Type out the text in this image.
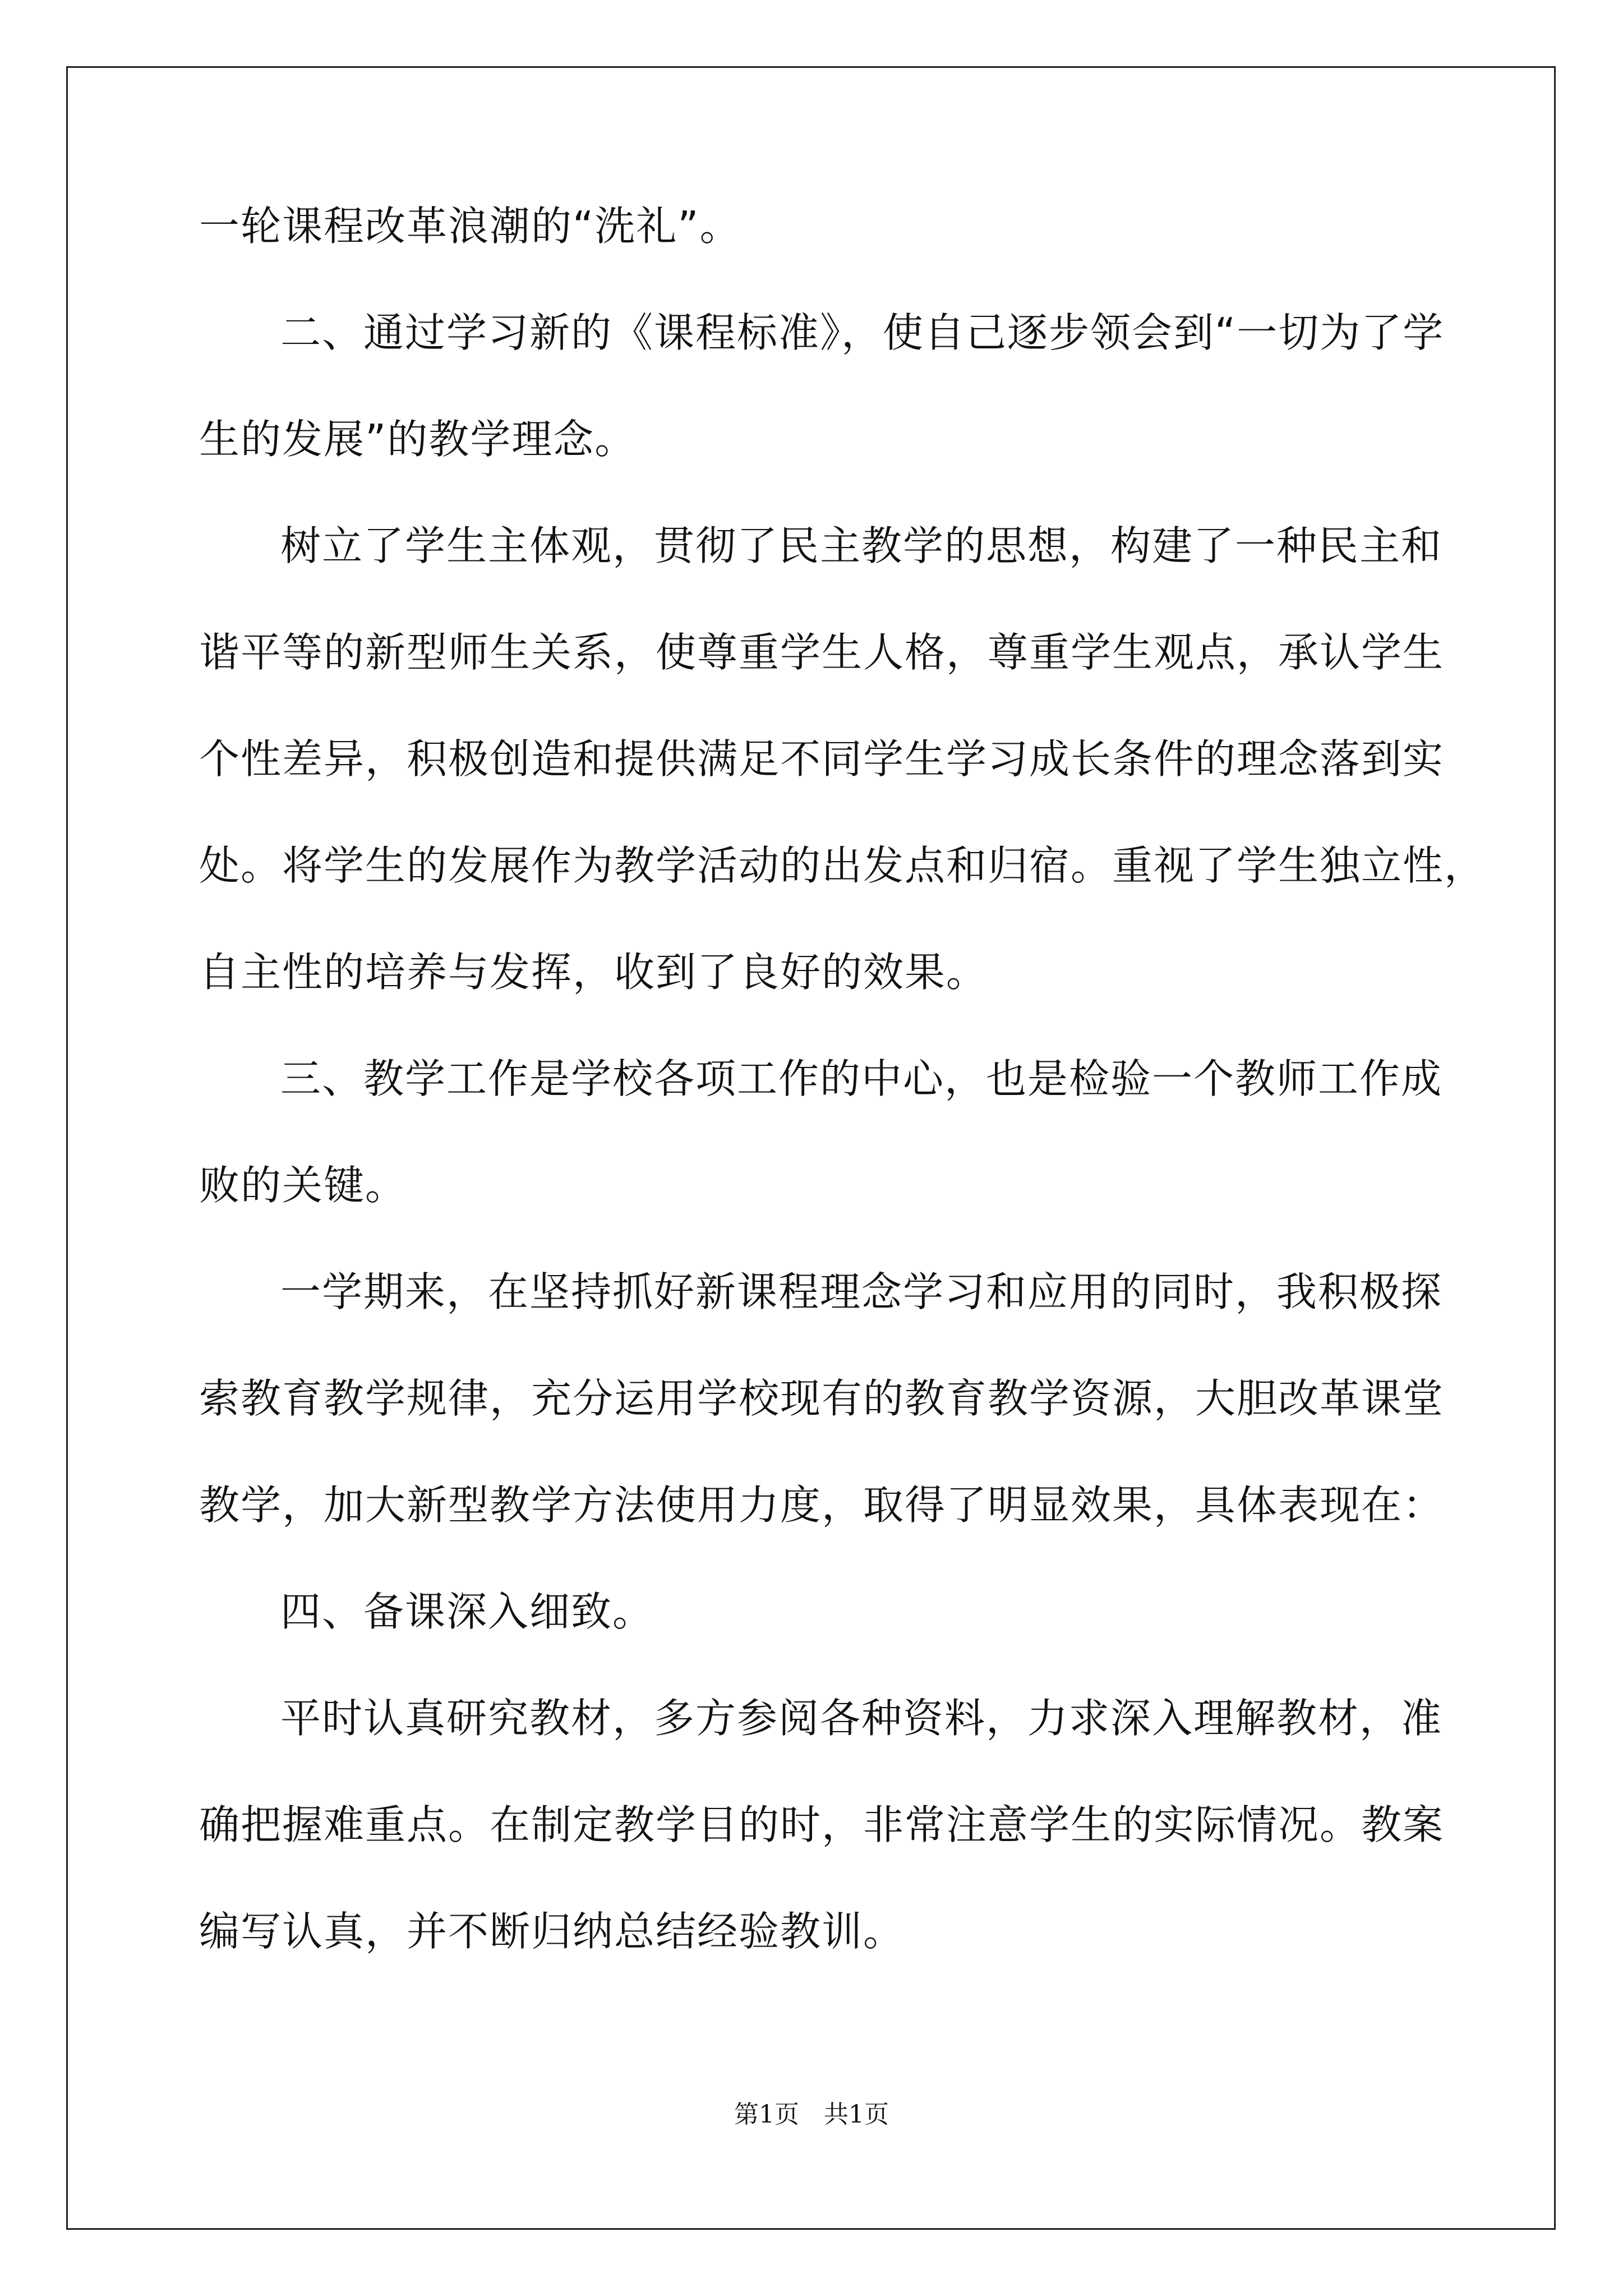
一轮课程改革浪潮的“洗礼”。
二、通过学习新的《课程标准》，使自己逐步领会到“一切为了学
生的发展”的教学理念。
树立了学生主体观，贯彻了民主教学的思想，构建了一种民主和
谐平等的新型师生关系，使尊重学生人格，尊重学生观点，承认学生
个性差异，积极创造和提供满足不同学生学习成长条件的理念落到实
处。将学生的发展作为教学活动的出发点和归宿。重视了学生独立性，
自主性的培养与发挥，收到了良好的效果。
三、教学工作是学校各项工作的中心，也是检验一个教师工作成
败的关键。
一学期来，在坚持抓好新课程理念学习和应用的同时，我积极探
索教育教学规律，充分运用学校现有的教育教学资源，大胆改革课堂
教学，加大新型教学方法使用力度，取得了明显效果，具体表现在：
四、备课深入细致。
平时认真研究教材，多方参阅各种资料，力求深入理解教材，准
确把握难重点。在制定教学目的时，非常注意学生的实际情况。教案
编写认真，并不断归纳总结经验教训。
第1页　共1页
